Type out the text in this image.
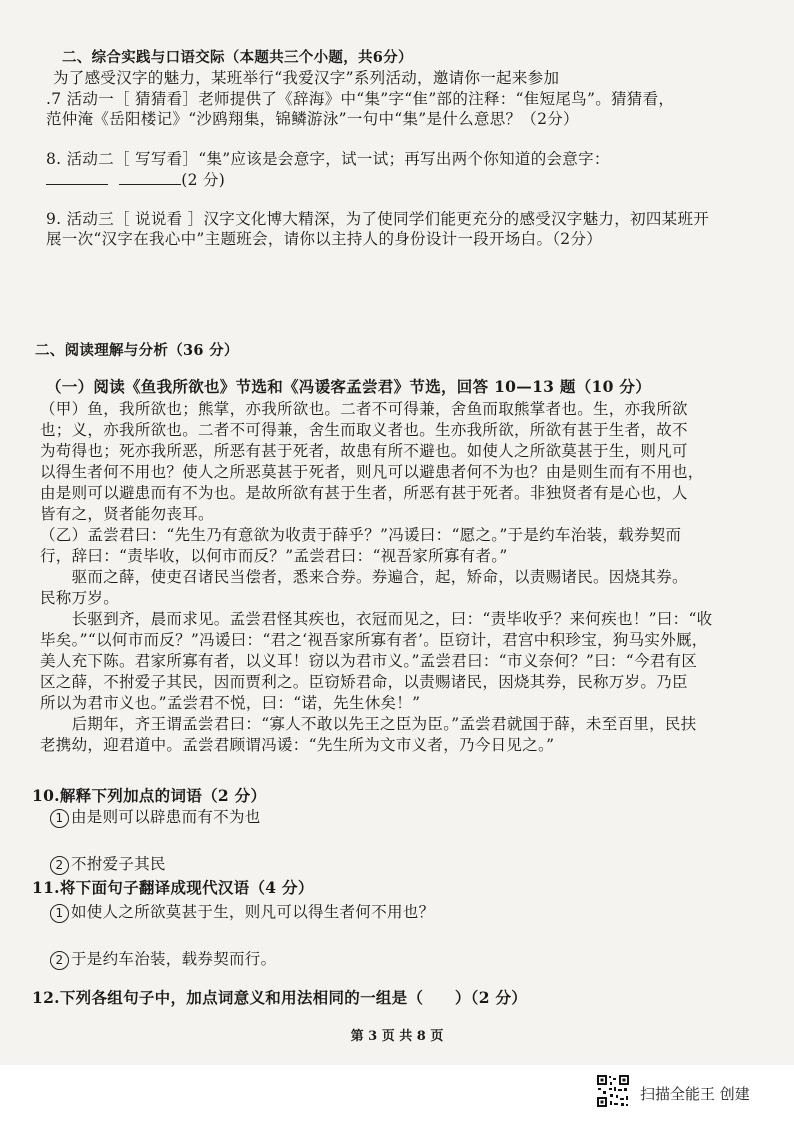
二、综合实践与口语交际（本题共三个小题，共6分）
为了感受汉字的魅力，某班举行“我爱汉字”系列活动，邀请你一起来参加
.7 活动一［ 猜猜看］老师提供了《辞海》中“集”字“隹”部的注释：“隹短尾鸟”。猜猜看，
范仲淹《岳阳楼记》“沙鸥翔集，锦鳞游泳”一句中“集”是什么意思？（2分）
8. 活动二［ 写写看］“集”应该是会意字，试一试；再写出两个你知道的会意字：
(2 分)
9. 活动三［ 说说看 ］汉字文化博大精深，为了使同学们能更充分的感受汉字魅力，初四某班开
展一次“汉字在我心中”主题班会，请你以主持人的身份设计一段开场白。（2分）
二、阅读理解与分析（36 分）
（一）阅读《鱼我所欲也》节选和《冯谖客孟尝君》节选，回答 10—13 题（10 分）
（甲）鱼，我所欲也；熊掌，亦我所欲也。二者不可得兼，舍鱼而取熊掌者也。生，亦我所欲
也；义，亦我所欲也。二者不可得兼，舍生而取义者也。生亦我所欲，所欲有甚于生者，故不
为苟得也；死亦我所恶，所恶有甚于死者，故患有所不避也。如使人之所欲莫甚于生，则凡可
以得生者何不用也？使人之所恶莫甚于死者，则凡可以避患者何不为也？由是则生而有不用也，
由是则可以避患而有不为也。是故所欲有甚于生者，所恶有甚于死者。非独贤者有是心也，人
皆有之，贤者能勿丧耳。
（乙）孟尝君曰：“先生乃有意欲为收责于薛乎？”冯谖曰：“愿之。”于是约车治装，载券契而
行，辞曰：“责毕收，以何市而反？”孟尝君曰：“视吾家所寡有者。”
　　驱而之薛，使吏召诸民当偿者，悉来合券。券遍合，起，矫命，以责赐诸民。因烧其券。
民称万岁。
　　长驱到齐，晨而求见。孟尝君怪其疾也，衣冠而见之，曰：“责毕收乎？来何疾也！”曰：“收
毕矣。”“以何市而反？”冯谖曰：“君之‘视吾家所寡有者’。臣窃计，君宫中积珍宝，狗马实外厩，
美人充下陈。君家所寡有者，以义耳！窃以为君市义。”孟尝君曰：“市义奈何？”曰：“今君有区
区之薛，不拊爱子其民，因而贾利之。臣窃矫君命，以责赐诸民，因烧其券，民称万岁。乃臣
所以为君市义也。”孟尝君不悦，曰：“诺，先生休矣！”
　　后期年，齐王谓孟尝君曰：“寡人不敢以先王之臣为臣。”孟尝君就国于薛，未至百里，民扶
老携幼，迎君道中。孟尝君顾谓冯谖：“先生所为文市义者，乃今日见之。”
10.解释下列加点的词语（2 分）
1 由是则可以辟患而有不为也
2 不拊爱子其民
11.将下面句子翻译成现代汉语（4 分）
1 如使人之所欲莫甚于生，则凡可以得生者何不用也？
2 于是约车治装，载券契而行。
12.下列各组句子中，加点词意义和用法相同的一组是（　　）（2 分）
第 3 页 共 8 页
扫描全能王 创建
